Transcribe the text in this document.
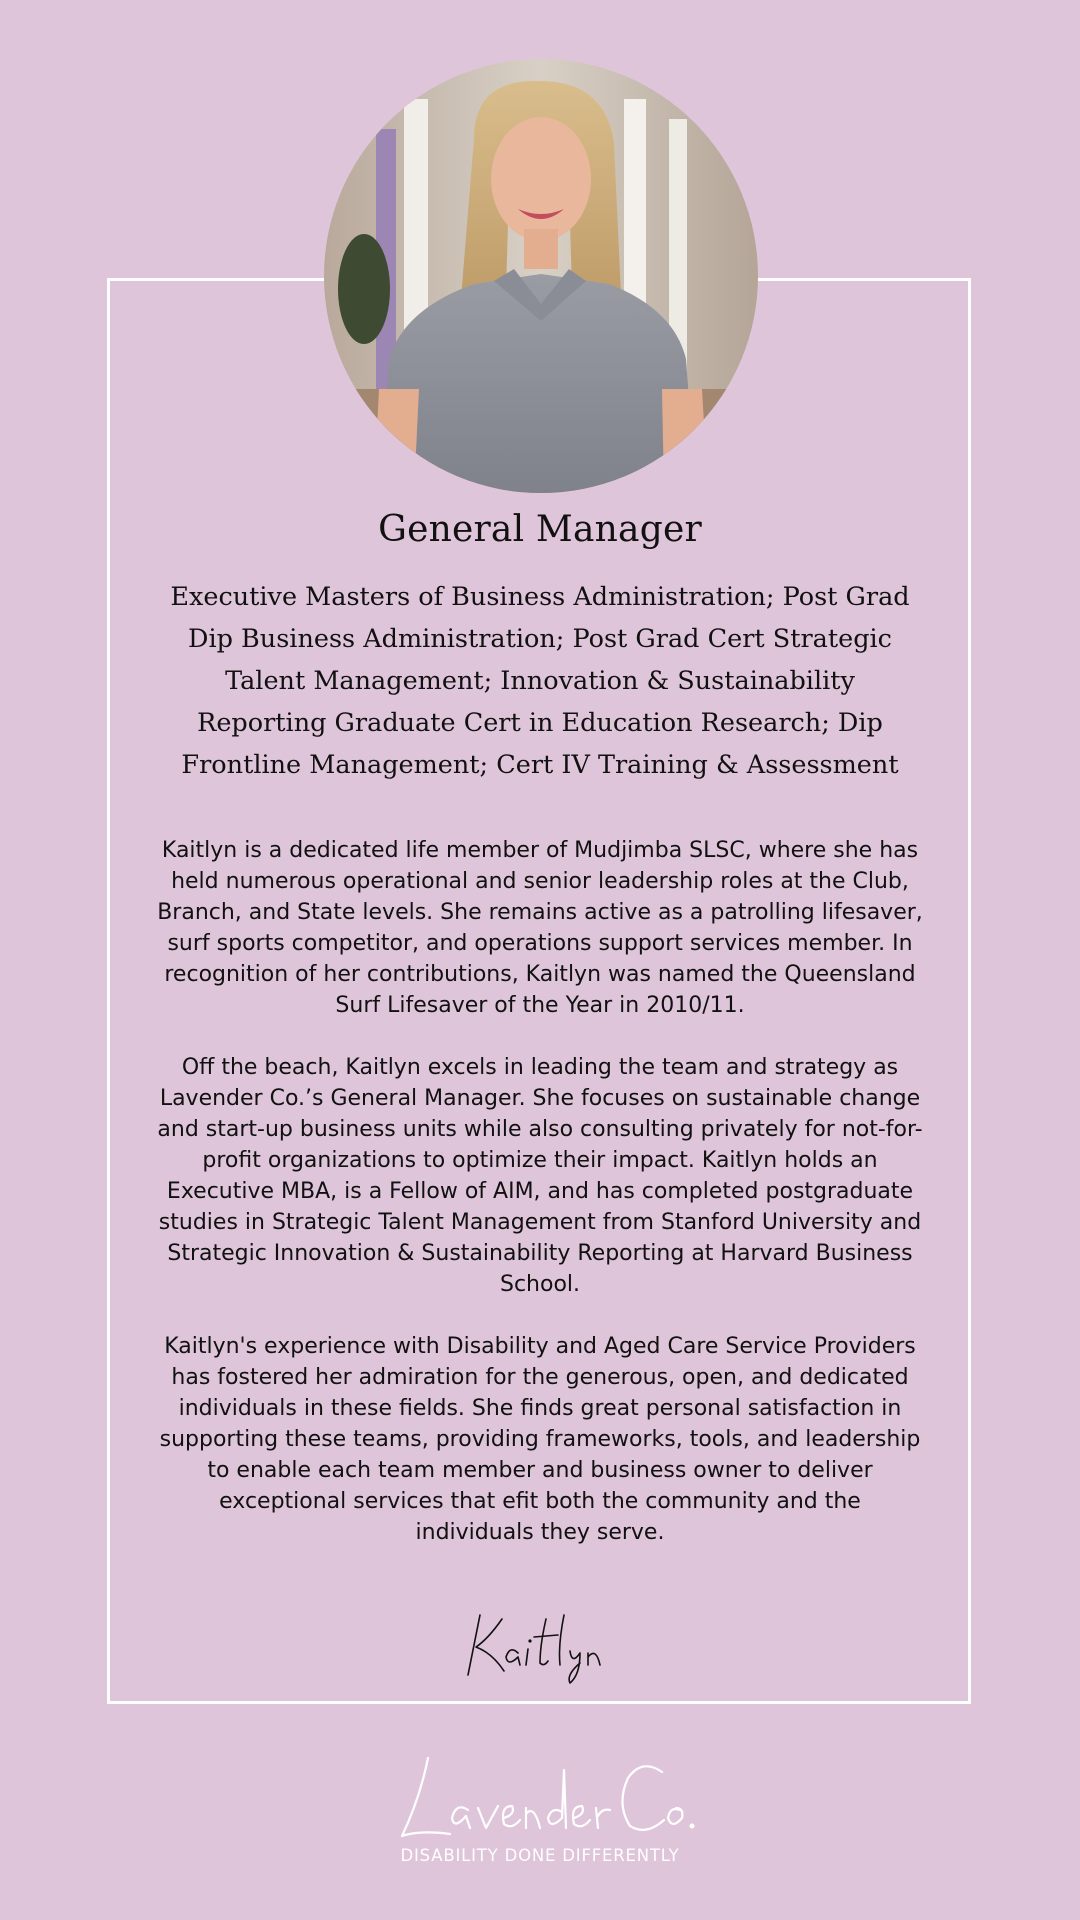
General Manager

Executive Masters of Business Administration; Post Grad Dip Business Administration; Post Grad Cert Strategic Talent Management; Innovation & Sustainability Reporting Graduate Cert in Education Research; Dip Frontline Management; Cert IV Training & Assessment

Kaitlyn is a dedicated life member of Mudjimba SLSC, where she has held numerous operational and senior leadership roles at the Club, Branch, and State levels. She remains active as a patrolling lifesaver, surf sports competitor, and operations support services member. In recognition of her contributions, Kaitlyn was named the Queensland Surf Lifesaver of the Year in 2010/11.

Off the beach, Kaitlyn excels in leading the team and strategy as Lavender Co.’s General Manager. She focuses on sustainable change and start-up business units while also consulting privately for not-for-profit organizations to optimize their impact. Kaitlyn holds an Executive MBA, is a Fellow of AIM, and has completed postgraduate studies in Strategic Talent Management from Stanford University and Strategic Innovation & Sustainability Reporting at Harvard Business School.

Kaitlyn's experience with Disability and Aged Care Service Providers has fostered her admiration for the generous, open, and dedicated individuals in these fields. She finds great personal satisfaction in supporting these teams, providing frameworks, tools, and leadership to enable each team member and business owner to deliver exceptional services that efit both the community and the individuals they serve.

DISABILITY DONE DIFFERENTLY
